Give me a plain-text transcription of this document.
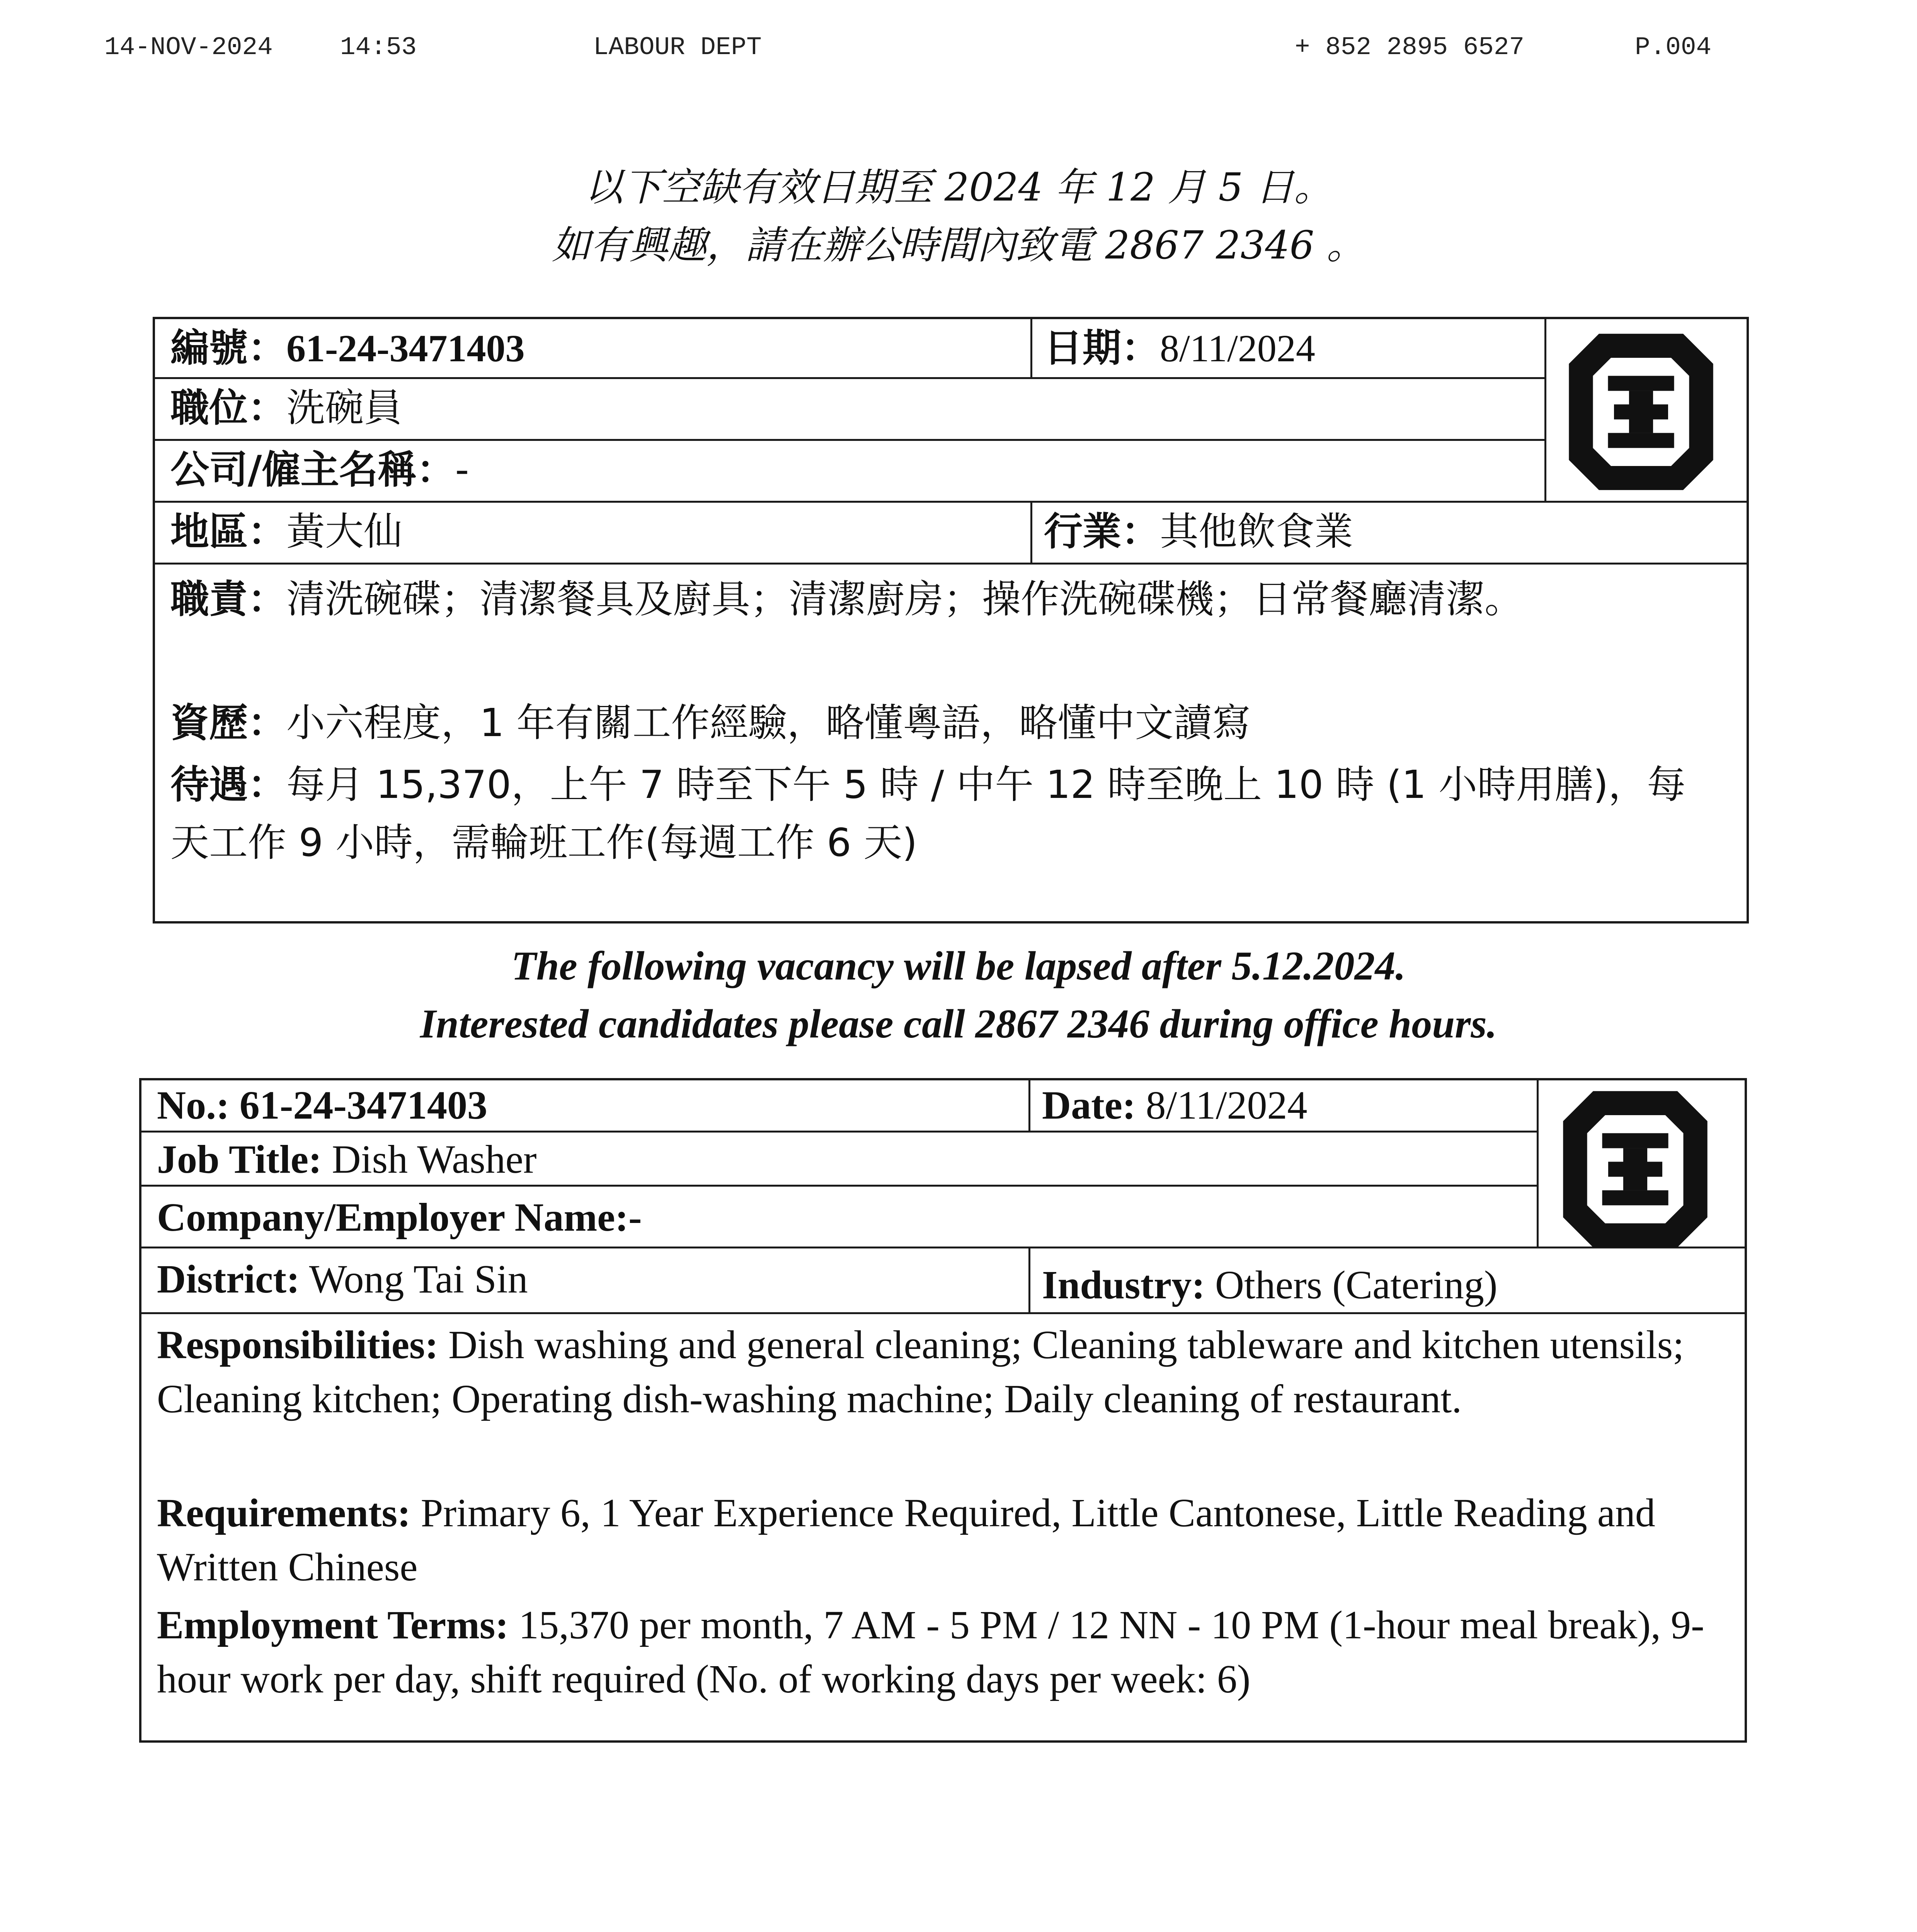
14-NOV-2024	14:53	LABOUR DEPT	+ 852 2895 6527	P.004
以下空缺有效日期至 2024 年 12 月 5 日。
如有興趣，請在辦公時間內致電 2867 2346 。
編號：61-24-3471403	日期：8/11/2024
職位：洗碗員
公司/僱主名稱：-
地區：黃大仙	行業：其他飲食業
職責：清洗碗碟；清潔餐具及廚具；清潔廚房；操作洗碗碟機；日常餐廳清潔。
資歷：小六程度，1 年有關工作經驗，略懂粵語，略懂中文讀寫
待遇：每月 15,370，上午 7 時至下午 5 時 / 中午 12 時至晚上 10 時 (1 小時用膳)，每天工作 9 小時，需輪班工作(每週工作 6 天)
The following vacancy will be lapsed after 5.12.2024.
Interested candidates please call 2867 2346 during office hours.
No.: 61-24-3471403	Date: 8/11/2024
Job Title: Dish Washer
Company/Employer Name:-
District: Wong Tai Sin	Industry: Others (Catering)
Responsibilities: Dish washing and general cleaning; Cleaning tableware and kitchen utensils; Cleaning kitchen; Operating dish-washing machine; Daily cleaning of restaurant.
Requirements: Primary 6, 1 Year Experience Required, Little Cantonese, Little Reading and Written Chinese
Employment Terms: 15,370 per month, 7 AM - 5 PM / 12 NN - 10 PM (1-hour meal break), 9-hour work per day, shift required (No. of working days per week: 6)
